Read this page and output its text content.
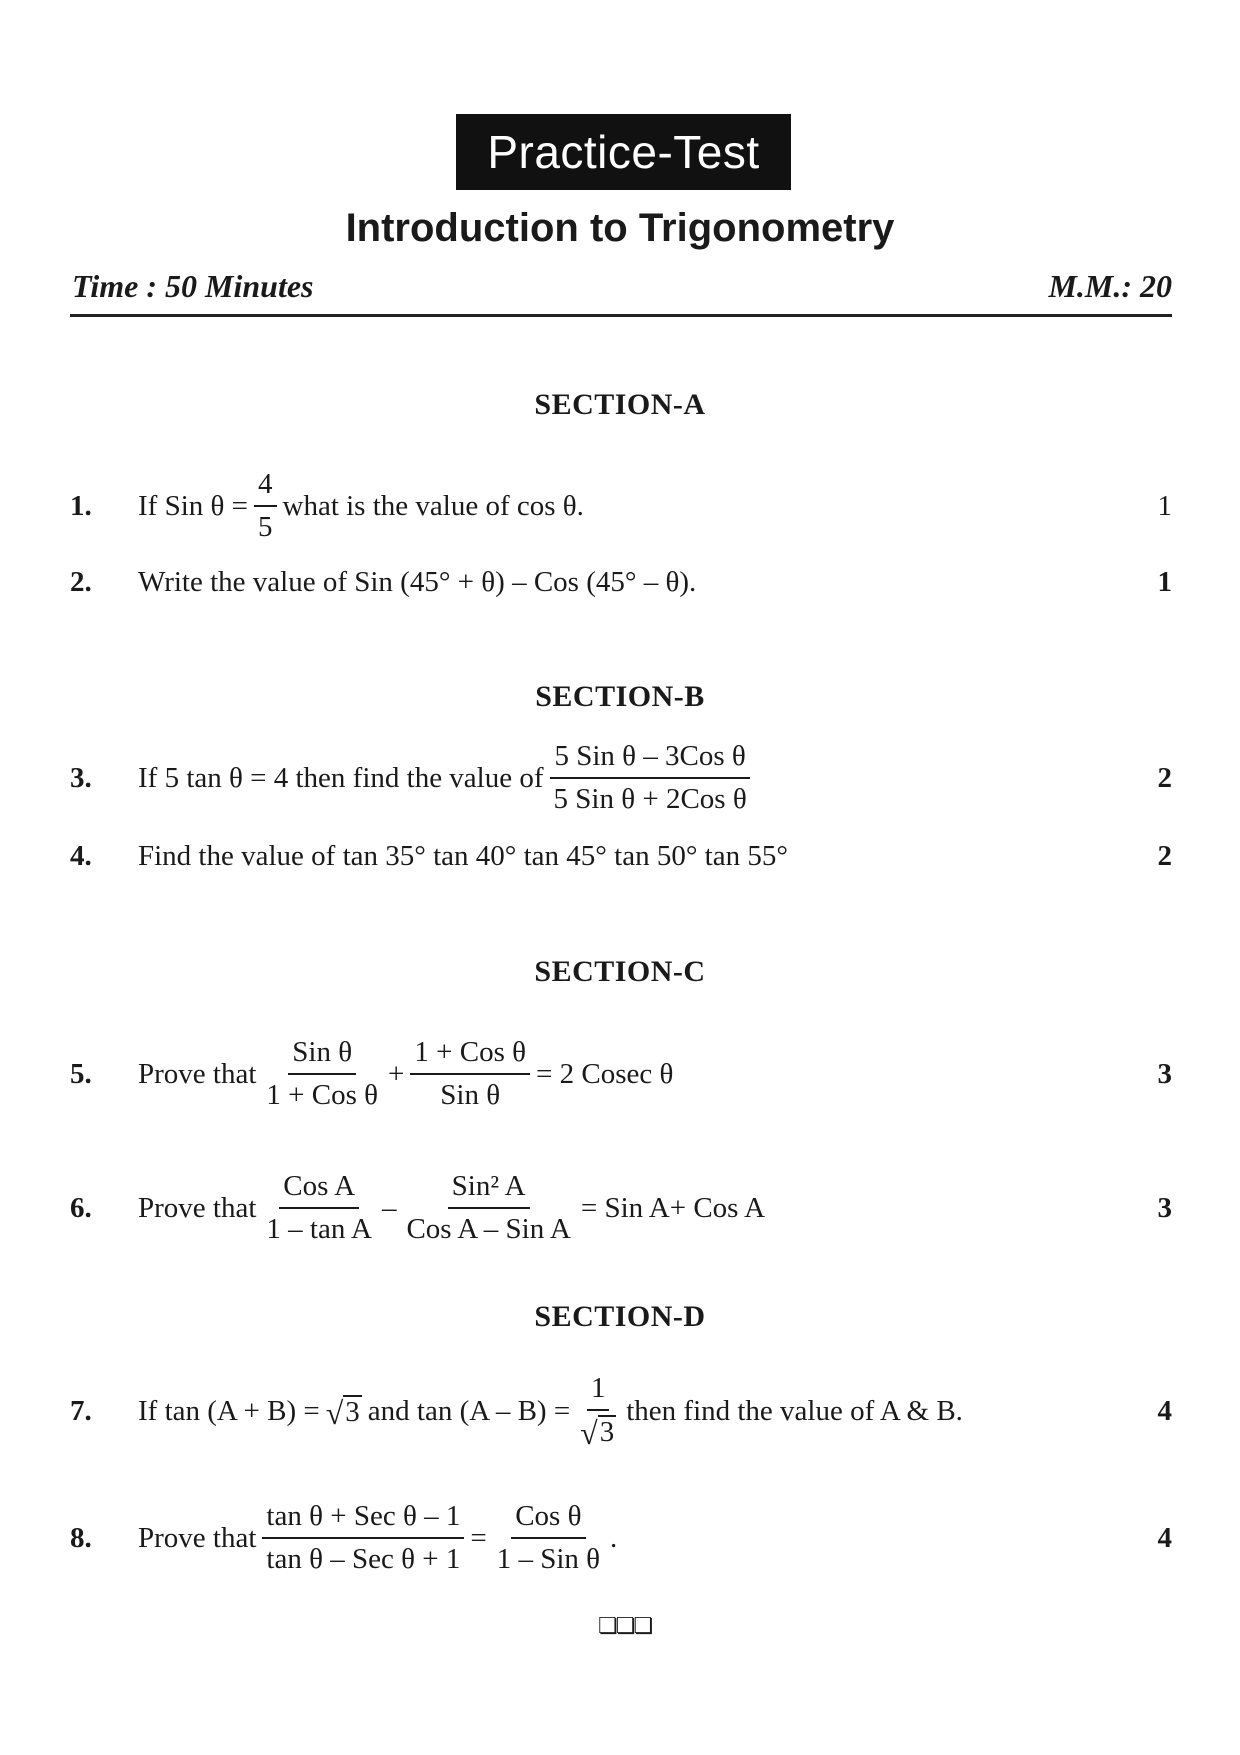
Practice-Test
Introduction to Trigonometry
Time : 50 Minutes	M.M.: 20
SECTION-A
1.	If Sin $\theta = \frac{4}{5}$ what is the value of cos θ.	1
2.	Write the value of Sin (45° + θ) – Cos (45° – θ).	1
SECTION-B
3.	If 5 tan θ = 4 then find the value of $\frac{\text{5 Sin θ – 3Cos θ}}{\text{5 Sin θ + 2Cos θ}}$	2
4.	Find the value of tan 35° tan 40° tan 45° tan 50° tan 55°	2
SECTION-C
5.	Prove that $\frac{\text{Sin θ}}{\text{1 + Cos θ}} + \frac{\text{1 + Cos θ}}{\text{Sin θ}} = 2$ Cosec θ	3
6.	Prove that $\frac{\text{Cos A}}{\text{1 – tan A}} - \frac{\text{Sin² A}}{\text{Cos A – Sin A}}$ = Sin A+ Cos A	3
SECTION-D
7.	If tan (A + B) = √ 3 and $\tan (A - B) = \frac{1}{√ 3}$ then find the value of A & B.	4
8.	Prove that $\frac{\text{tan θ + Sec θ – 1}}{\text{tan θ – Sec θ + 1}} = \frac{\text{Cos θ}}{\text{1 – Sin θ}}$ .	4
❏❏❏
